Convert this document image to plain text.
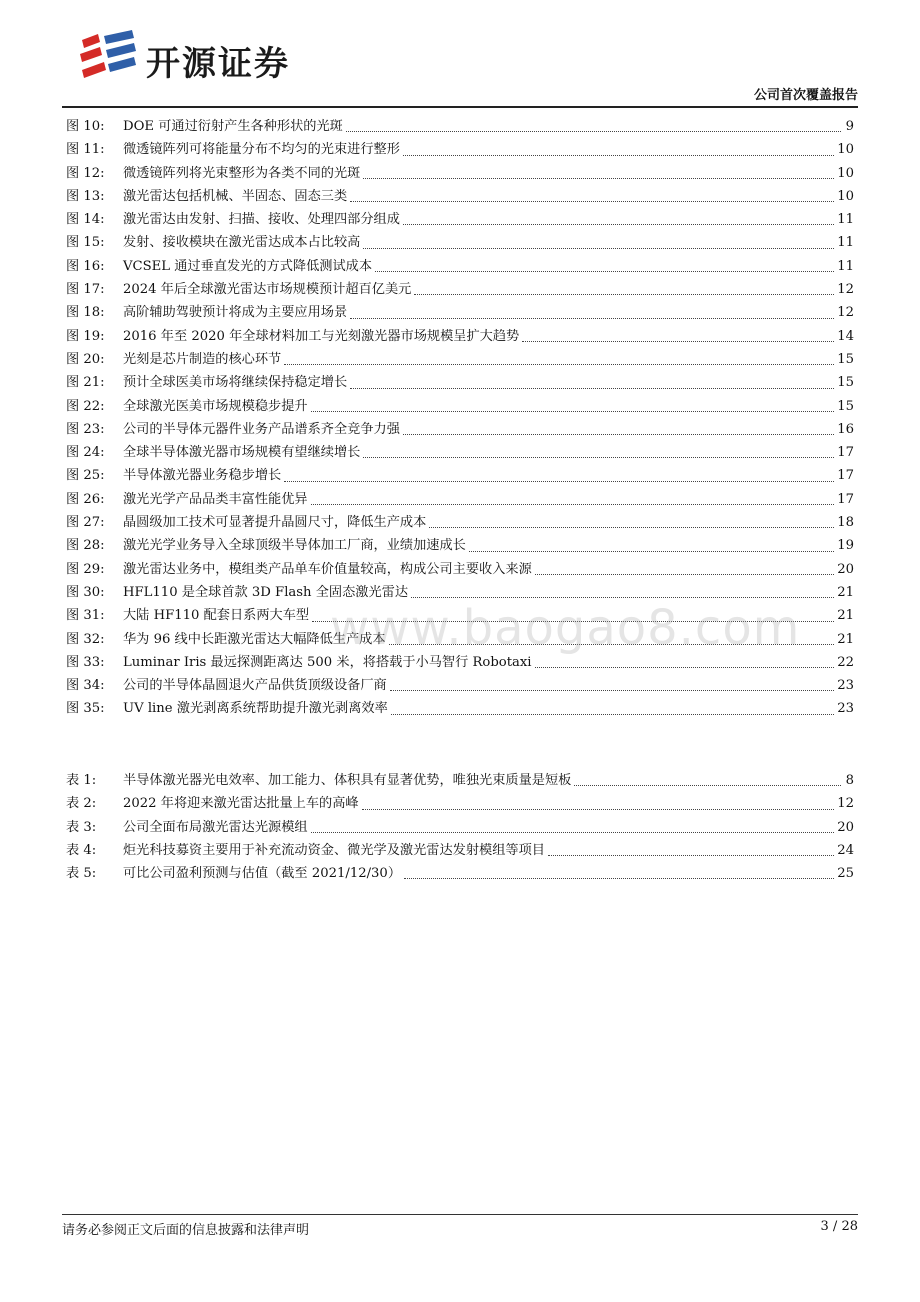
开源证券
公司首次覆盖报告
图 10:	DOE 可通过衍射产生各种形状的光斑	9
图 11:	微透镜阵列可将能量分布不均匀的光束进行整形	10
图 12:	微透镜阵列将光束整形为各类不同的光斑	10
图 13:	激光雷达包括机械、半固态、固态三类	10
图 14:	激光雷达由发射、扫描、接收、处理四部分组成	11
图 15:	发射、接收模块在激光雷达成本占比较高	11
图 16:	VCSEL 通过垂直发光的方式降低测试成本	11
图 17:	2024 年后全球激光雷达市场规模预计超百亿美元	12
图 18:	高阶辅助驾驶预计将成为主要应用场景	12
图 19:	2016 年至 2020 年全球材料加工与光刻激光器市场规模呈扩大趋势	14
图 20:	光刻是芯片制造的核心环节	15
图 21:	预计全球医美市场将继续保持稳定增长	15
图 22:	全球激光医美市场规模稳步提升	15
图 23:	公司的半导体元器件业务产品谱系齐全竞争力强	16
图 24:	全球半导体激光器市场规模有望继续增长	17
图 25:	半导体激光器业务稳步增长	17
图 26:	激光光学产品品类丰富性能优异	17
图 27:	晶圆级加工技术可显著提升晶圆尺寸，降低生产成本	18
图 28:	激光光学业务导入全球顶级半导体加工厂商，业绩加速成长	19
图 29:	激光雷达业务中，模组类产品单车价值量较高，构成公司主要收入来源	20
图 30:	HFL110 是全球首款 3D Flash 全固态激光雷达	21
图 31:	大陆 HF110 配套日系两大车型	21
图 32:	华为 96 线中长距激光雷达大幅降低生产成本	21
图 33:	Luminar Iris 最远探测距离达 500 米，将搭载于小马智行 Robotaxi	22
图 34:	公司的半导体晶圆退火产品供货顶级设备厂商	23
图 35:	UV line 激光剥离系统帮助提升激光剥离效率	23
表 1:	半导体激光器光电效率、加工能力、体积具有显著优势，唯独光束质量是短板	8
表 2:	2022 年将迎来激光雷达批量上车的高峰	12
表 3:	公司全面布局激光雷达光源模组	20
表 4:	炬光科技募资主要用于补充流动资金、微光学及激光雷达发射模组等项目	24
表 5:	可比公司盈利预测与估值（截至 2021/12/30）	25
www.baogao8.com
请务必参阅正文后面的信息披露和法律声明	3 / 28
